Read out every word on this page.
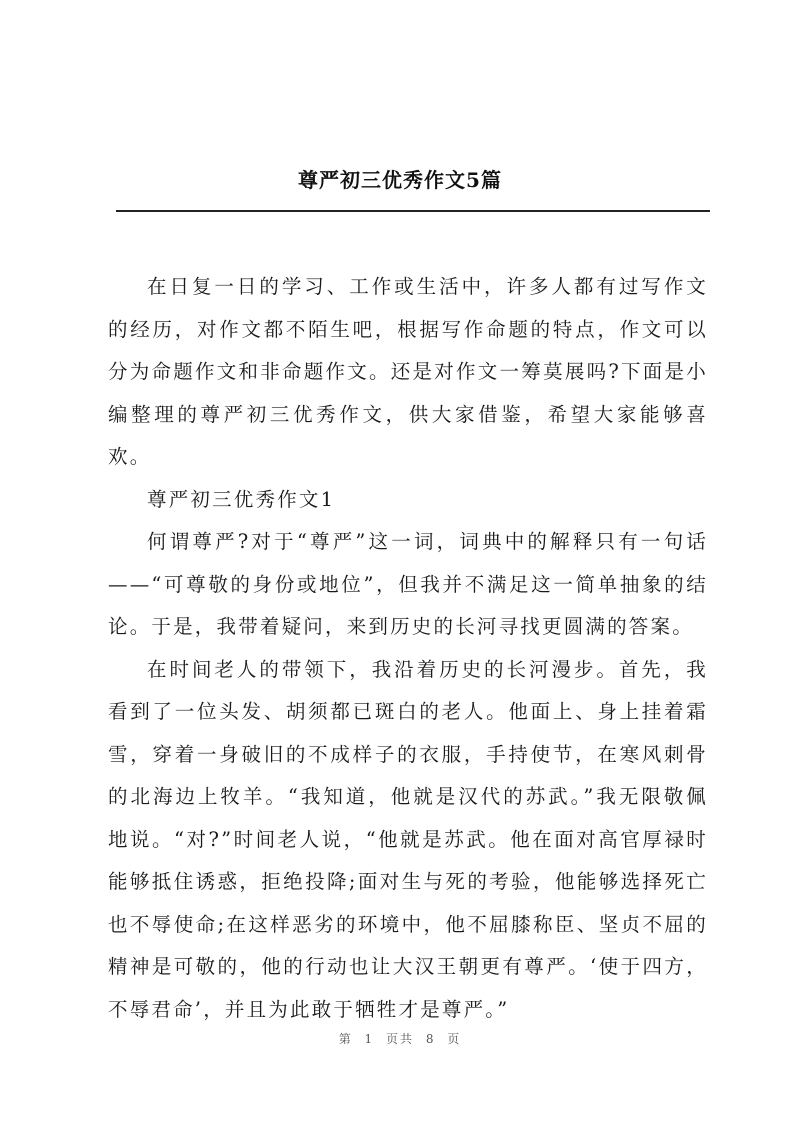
尊严初三优秀作文5篇

在日复一日的学习、工作或生活中，许多人都有过写作文的经历，对作文都不陌生吧，根据写作命题的特点，作文可以分为命题作文和非命题作文。还是对作文一筹莫展吗?下面是小编整理的尊严初三优秀作文，供大家借鉴，希望大家能够喜欢。

尊严初三优秀作文1

何谓尊严?对于“尊严”这一词，词典中的解释只有一句话——“可尊敬的身份或地位”，但我并不满足这一简单抽象的结论。于是，我带着疑问，来到历史的长河寻找更圆满的答案。

在时间老人的带领下，我沿着历史的长河漫步。首先，我看到了一位头发、胡须都已斑白的老人。他面上、身上挂着霜雪，穿着一身破旧的不成样子的衣服，手持使节，在寒风刺骨的北海边上牧羊。“我知道，他就是汉代的苏武。”我无限敬佩地说。“对?”时间老人说，“他就是苏武。他在面对高官厚禄时能够抵住诱惑，拒绝投降;面对生与死的考验，他能够选择死亡也不辱使命;在这样恶劣的环境中，他不屈膝称臣、坚贞不屈的精神是可敬的，他的行动也让大汉王朝更有尊严。‘使于四方，不辱君命’，并且为此敢于牺牲才是尊严。”

第 1 页共 8 页
